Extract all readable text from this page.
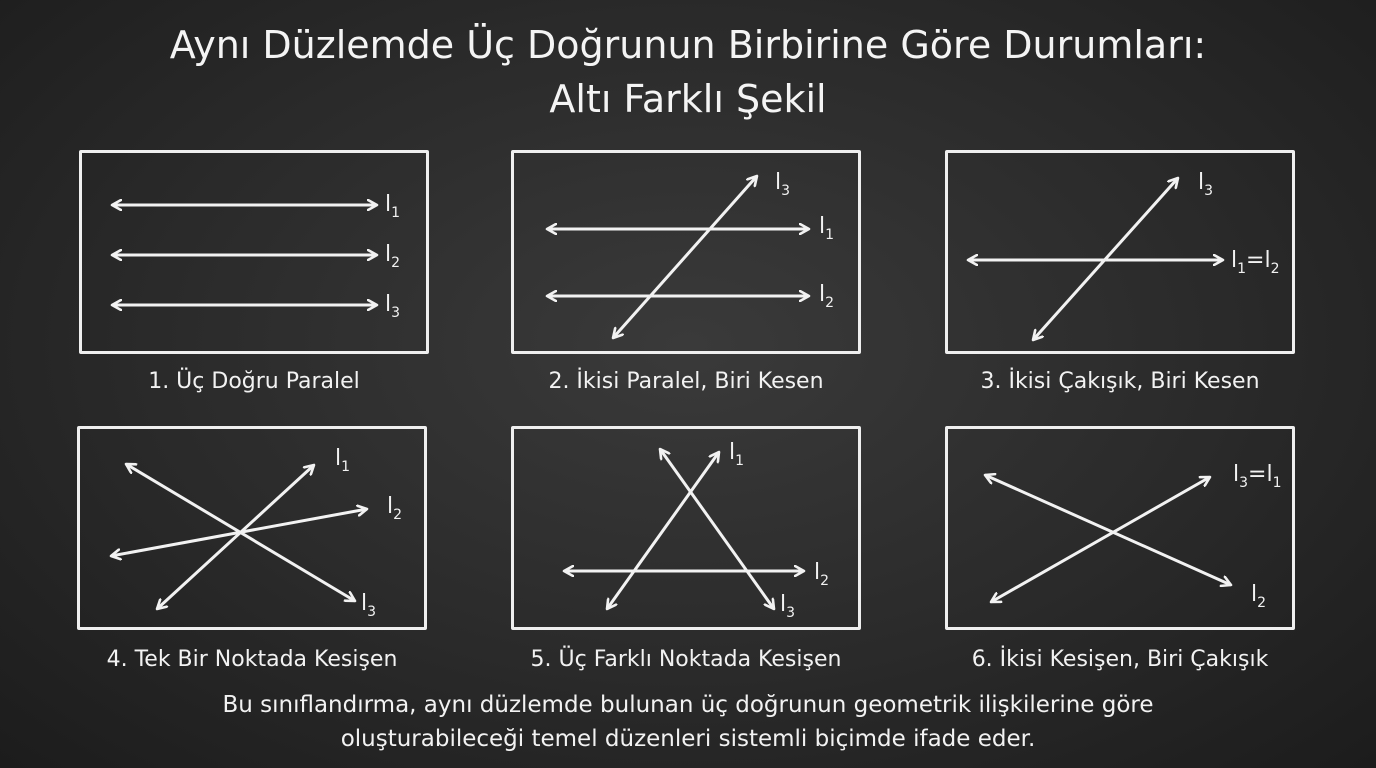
Aynı Düzlemde Üç Doğrunun Birbirine Göre Durumları:
Altı Farklı Şekil
$l_1$
$l_2$
$l_3$
1. Üç Doğru Paralel
$l_3$
$l_1$
$l_2$
2. İkisi Paralel, Biri Kesen
$l_3$
$l_1=l_2$
3. İkisi Çakışık, Biri Kesen
$l_1$
$l_2$
$l_3$
4. Tek Bir Noktada Kesişen
$l_1$
$l_2$
$l_3$
5. Üç Farklı Noktada Kesişen
$l_3=l_1$
$l_2$
6. İkisi Kesişen, Biri Çakışık
Bu sınıflandırma, aynı düzlemde bulunan üç doğrunun geometrik ilişkilerine göre
oluşturabileceği temel düzenleri sistemli biçimde ifade eder.
